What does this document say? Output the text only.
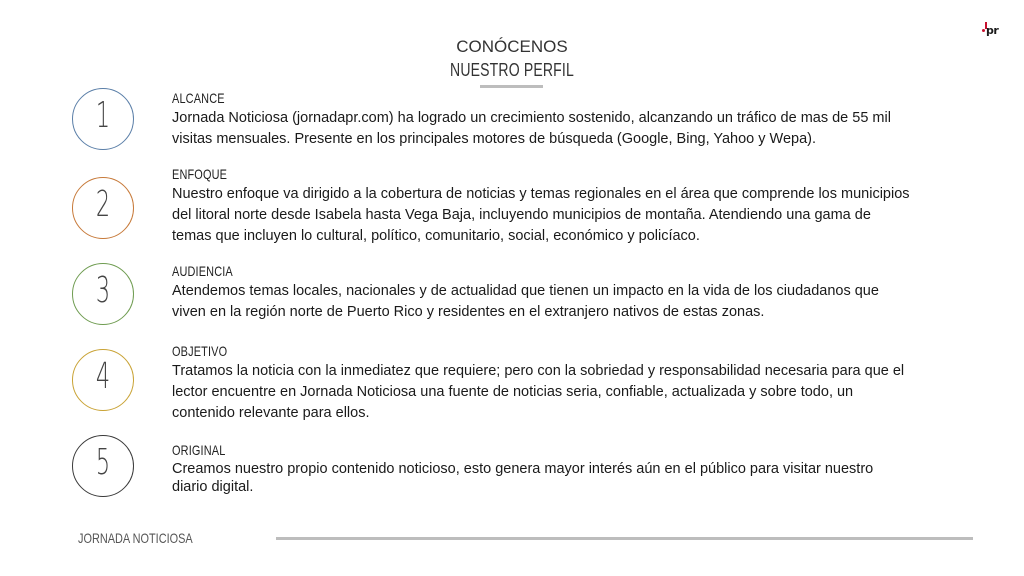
pr
CONÓCENOS
NUESTRO PERFIL
1
2
3
4
5
ALCANCE
Jornada Noticiosa (jornadapr.com) ha logrado un crecimiento sostenido, alcanzando un tráfico de mas de 55 mil
visitas mensuales. Presente en los principales motores de búsqueda (Google, Bing, Yahoo y Wepa).
ENFOQUE
Nuestro enfoque va dirigido a la cobertura de noticias y temas regionales en el área que comprende los municipios
del litoral norte desde Isabela hasta Vega Baja, incluyendo municipios de montaña. Atendiendo una gama de
temas que incluyen lo cultural, político, comunitario, social, económico y policíaco.
AUDIENCIA
Atendemos temas locales, nacionales y de actualidad que tienen un impacto en la vida de los ciudadanos que
viven en la región norte de Puerto Rico y residentes en el extranjero nativos de estas zonas.
OBJETIVO
Tratamos la noticia con la inmediatez que requiere; pero con la sobriedad y responsabilidad necesaria para que el
lector encuentre en Jornada Noticiosa una fuente de noticias seria, confiable, actualizada y sobre todo, un
contenido relevante para ellos.
ORIGINAL
Creamos nuestro propio contenido noticioso, esto genera mayor interés aún en el público para visitar nuestro
diario digital.
JORNADA NOTICIOSA
